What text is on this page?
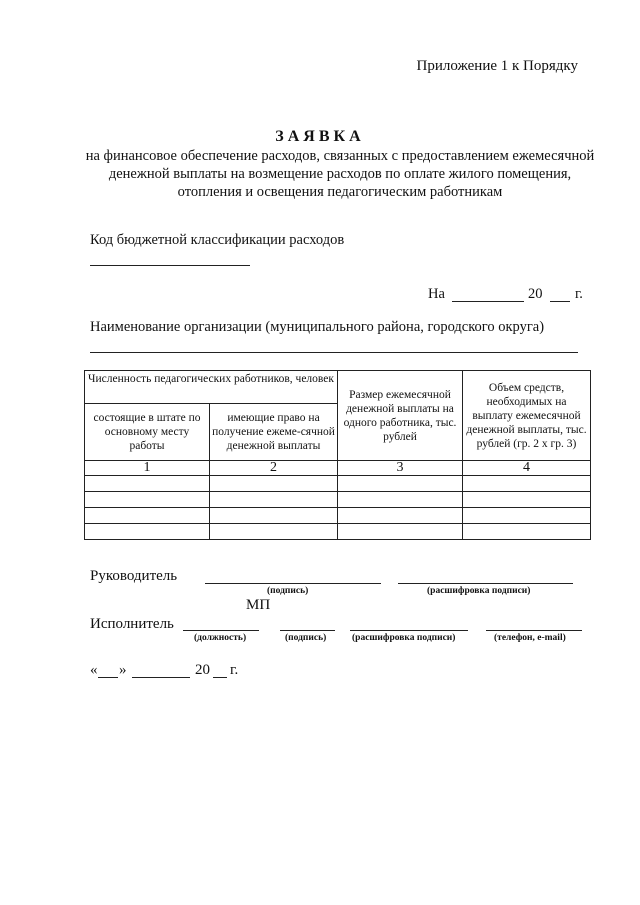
Приложение 1 к Порядку
ЗАЯВКА
на финансовое обеспечение расходов, связанных с предоставлением ежемесячной денежной выплаты на возмещение расходов по оплате жилого помещения, отопления и освещения педагогическим работникам
Код бюджетной классификации расходов
На	20 г.
Наименование организации (муниципального района, городского округа)
Численность педагогических работников, человек		Размер ежемесячной денежной выплаты на одного работника, тыс. рублей	Объем средств, необходимых на выплату ежемесячной денежной выплаты, тыс. рублей (гр. 2 х гр. 3)
состоящие в штате по основному месту работы	имеющие право на получение ежеме-сячной денежной выплаты		
1	2	3	4

Руководитель
(подпись)	(расшифровка подписи)
МП
Исполнитель
(должность)	(подпись)	(расшифровка подписи)	(телефон, e-mail)
« »	20 г.
